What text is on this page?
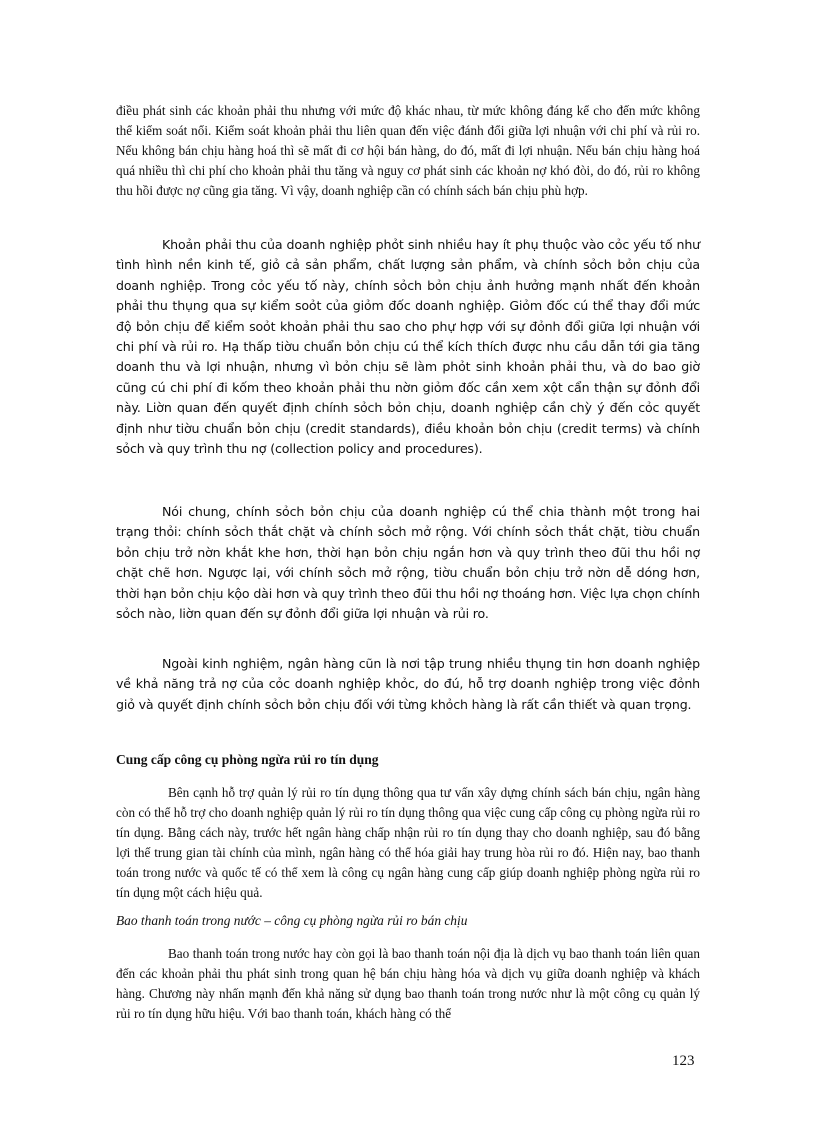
điều phát sinh các khoản phải thu nhưng với mức độ khác nhau, từ mức không đáng kể cho đến mức không thể kiểm soát nổi. Kiểm soát khoản phải thu liên quan đến việc đánh đổi giữa lợi nhuận với chi phí và rủi ro. Nếu không bán chịu hàng hoá thì sẽ mất đi cơ hội bán hàng, do đó, mất đi lợi nhuận. Nếu bán chịu hàng hoá quá nhiều thì chi phí cho khoản phải thu tăng và nguy cơ phát sinh các khoản nợ khó đòi, do đó, rủi ro không thu hồi được nợ cũng gia tăng. Vì vậy, doanh nghiệp cần có chính sách bán chịu phù hợp.

Khoản phải thu của doanh nghiệp phỏt sinh nhiều hay ít phụ thuộc vào cỏc yếu tố như tình hình nền kinh tế, giỏ cả sản phẩm, chất lượng sản phẩm, và chính sỏch bỏn chịu của doanh nghiệp. Trong cỏc yếu tố này, chính sỏch bỏn chịu ảnh hưởng mạnh nhất đến khoản phải thu thụng qua sự kiểm soỏt của giỏm đốc doanh nghiệp. Giỏm đốc cú thể thay đổi mức độ bỏn chịu để kiểm soỏt khoản phải thu sao cho phự hợp với sự đỏnh đổi giữa lợi nhuận với chi phí và rủi ro. Hạ thấp tiờu chuẩn bỏn chịu cú thể kích thích được nhu cầu dẫn tới gia tăng doanh thu và lợi nhuận, nhưng vì bỏn chịu sẽ làm phỏt sinh khoản phải thu, và do bao giờ cũng cú chi phí đi kốm theo khoản phải thu nờn giỏm đốc cần xem xột cẩn thận sự đỏnh đổi này. Liờn quan đến quyết định chính sỏch bỏn chịu, doanh nghiệp cần chỳ ý đến cỏc quyết định như tiờu chuẩn bỏn chịu (credit standards), điều khoản bỏn chịu (credit terms) và chính sỏch và quy trình thu nợ (collection policy and procedures).

Nói chung, chính sỏch bỏn chịu của doanh nghiệp cú thể chia thành một trong hai trạng thỏi: chính sỏch thắt chặt và chính sỏch mở rộng. Với chính sỏch thắt chặt, tiờu chuẩn bỏn chịu trở nờn khắt khe hơn, thời hạn bỏn chịu ngắn hơn và quy trình theo đũi thu hồi nợ chặt chẽ hơn. Ngược lại, với chính sỏch mở rộng, tiờu chuẩn bỏn chịu trở nờn dễ dóng hơn, thời hạn bỏn chịu kộo dài hơn và quy trình theo đũi thu hồi nợ thoáng hơn. Việc lựa chọn chính sỏch nào, liờn quan đến sự đỏnh đổi giữa lợi nhuận và rủi ro.

Ngoài kinh nghiệm, ngân hàng cũn là nơi tập trung nhiều thụng tin hơn doanh nghiệp về khả năng trả nợ của cỏc doanh nghiệp khỏc, do đú, hỗ trợ doanh nghiệp trong việc đỏnh giỏ và quyết định chính sỏch bỏn chịu đối với từng khỏch hàng là rất cần thiết và quan trọng.

Cung cấp công cụ phòng ngừa rủi ro tín dụng

Bên cạnh hỗ trợ quản lý rủi ro tín dụng thông qua tư vấn xây dựng chính sách bán chịu, ngân hàng còn có thể hỗ trợ cho doanh nghiệp quản lý rủi ro tín dụng thông qua việc cung cấp công cụ phòng ngừa rủi ro tín dụng. Bằng cách này, trước hết ngân hàng chấp nhận rủi ro tín dụng thay cho doanh nghiệp, sau đó bằng lợi thế trung gian tài chính của mình, ngân hàng có thể hóa giải hay trung hòa rủi ro đó. Hiện nay, bao thanh toán trong nước và quốc tế có thể xem là công cụ ngân hàng cung cấp giúp doanh nghiệp phòng ngừa rủi ro tín dụng một cách hiệu quả.

Bao thanh toán trong nước – công cụ phòng ngừa rủi ro bán chịu

Bao thanh toán trong nước hay còn gọi là bao thanh toán nội địa là dịch vụ bao thanh toán liên quan đến các khoản phải thu phát sinh trong quan hệ bán chịu hàng hóa và dịch vụ giữa doanh nghiệp và khách hàng. Chương này nhấn mạnh đến khả năng sử dụng bao thanh toán trong nước như là một công cụ quản lý rủi ro tín dụng hữu hiệu. Với bao thanh toán, khách hàng có thể

123
